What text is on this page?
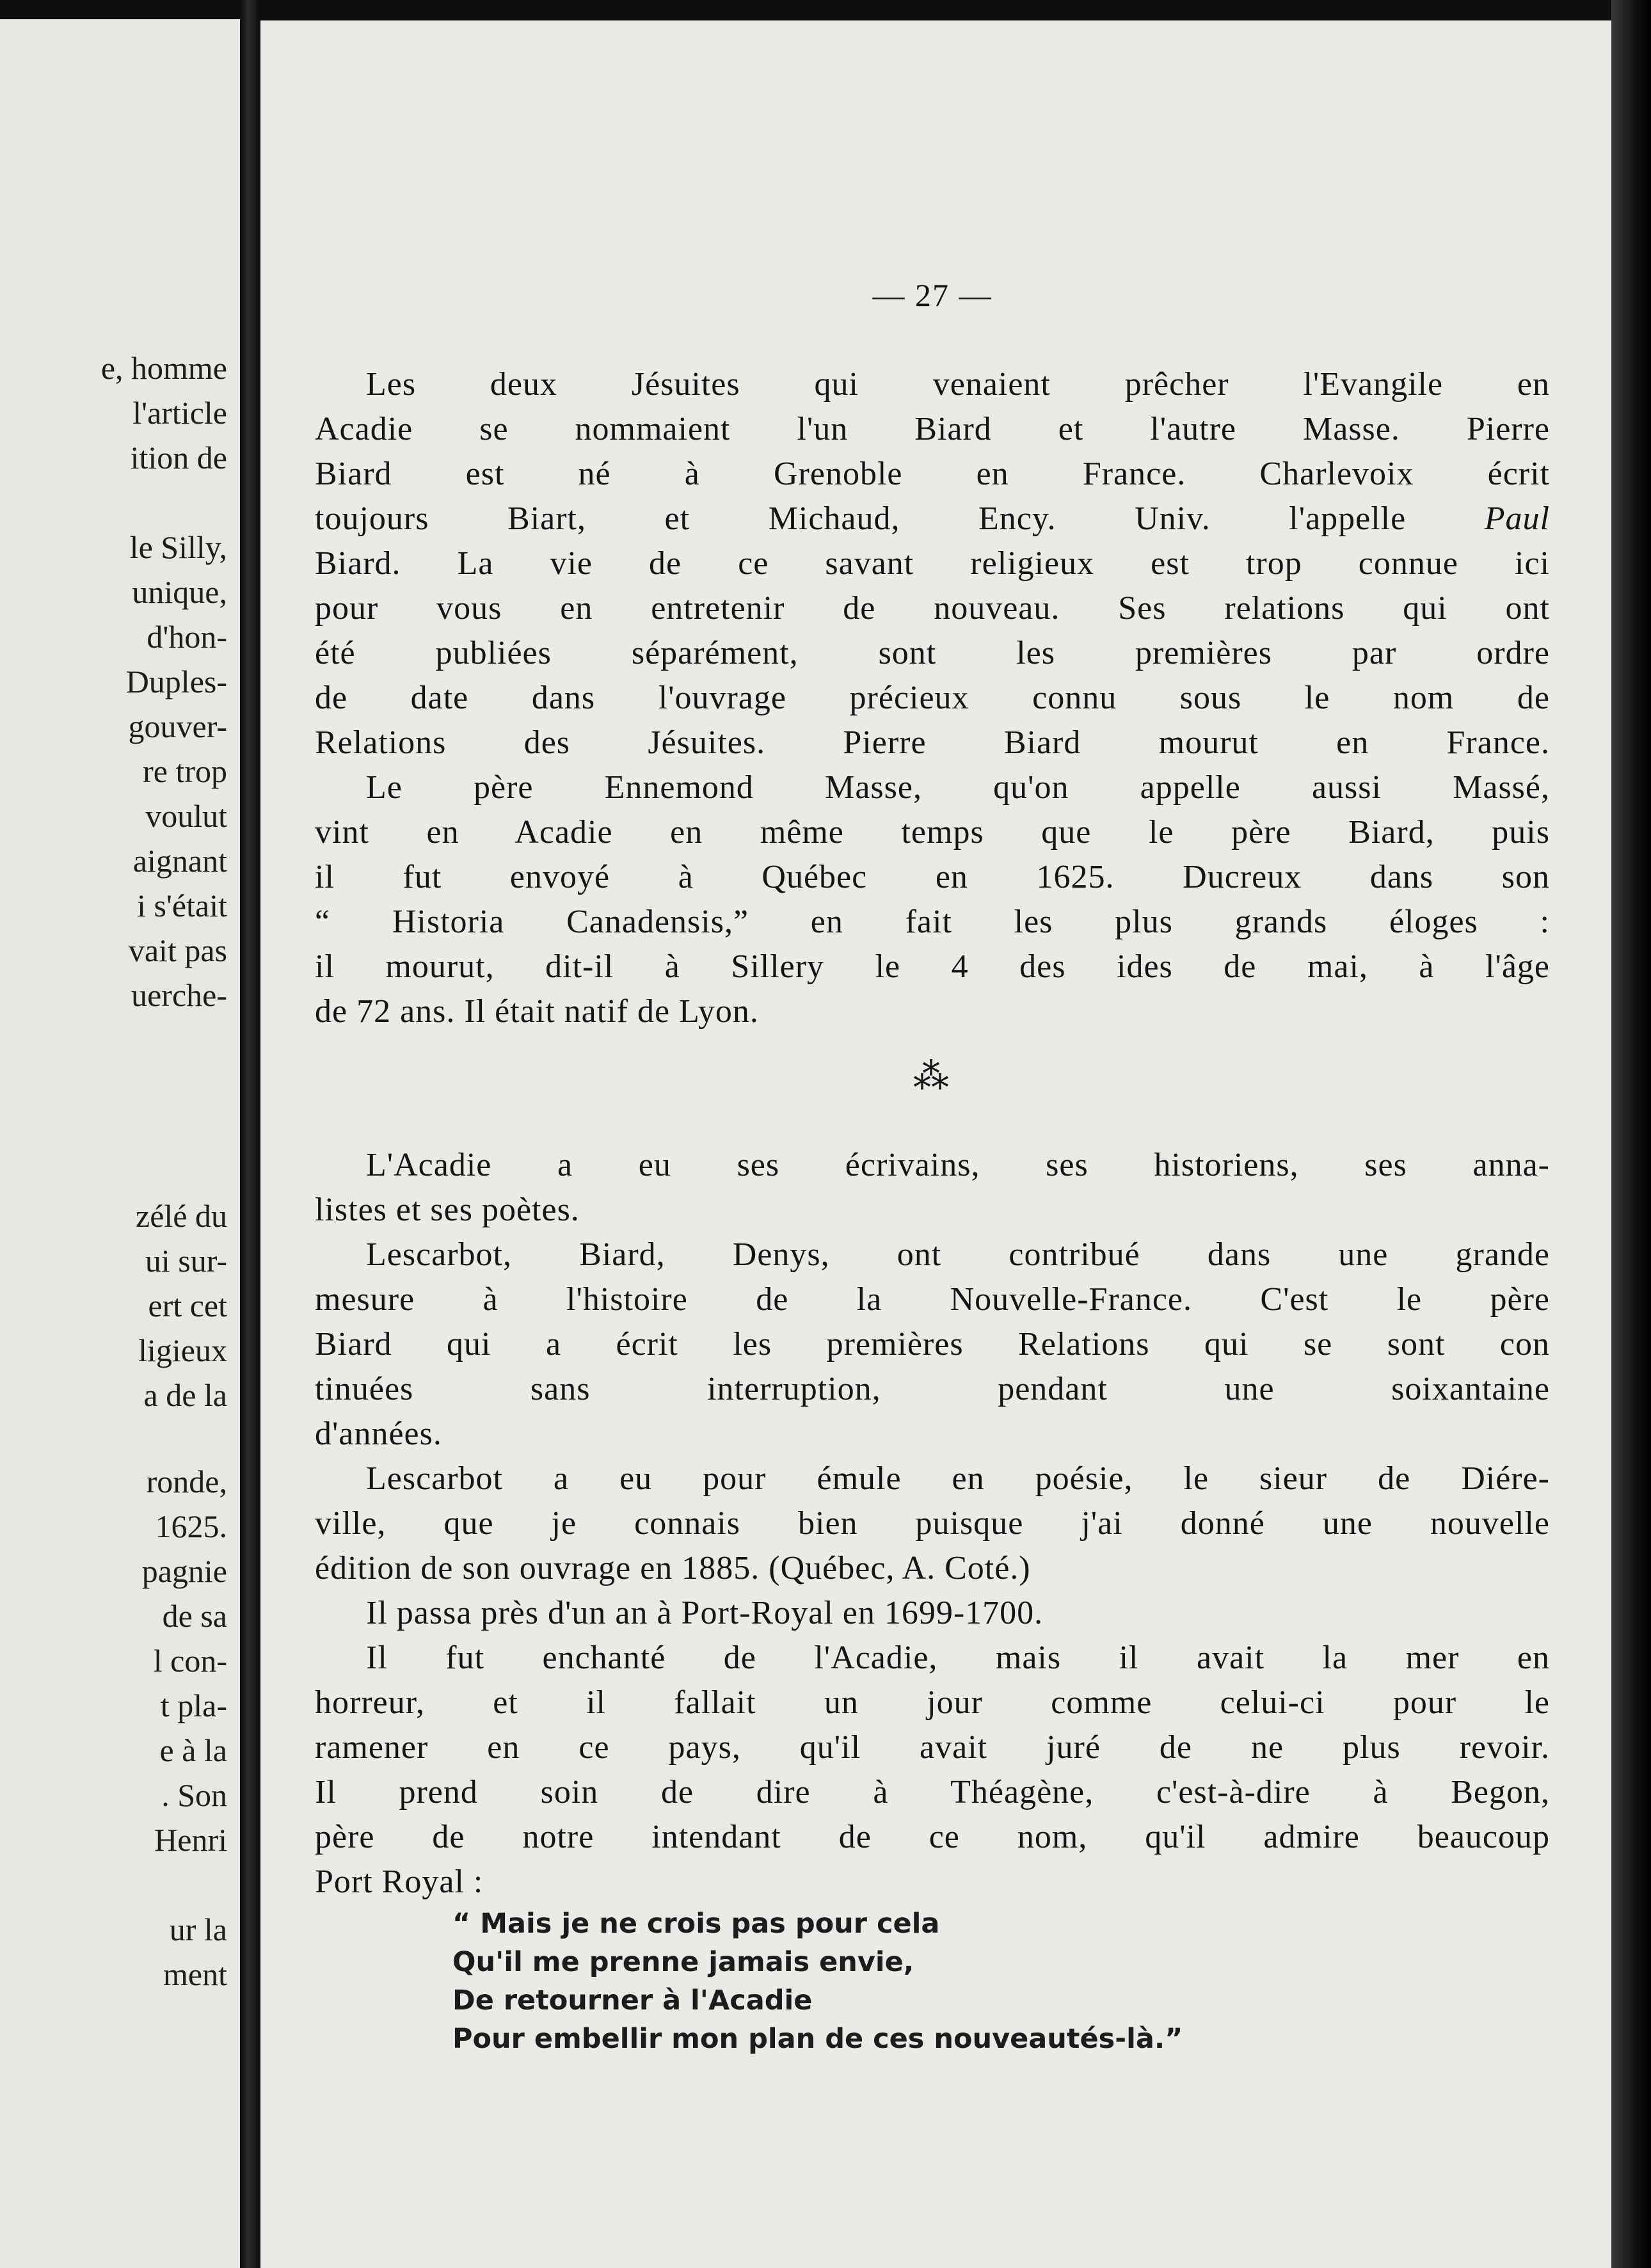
e, homme
l'article
ition de
le Silly,
unique,
d'hon-
Duples-
gouver-
re trop
voulut
aignant
i s'était
vait pas
uerche-
zélé du
ui sur-
ert cet
ligieux
a de la
ronde,
1625.
pagnie
de sa
l con-
t pla-
e à la
. Son
Henri
ur la
ment
— 27 —
Les deux Jésuites qui venaient prêcher l'Evangile en
Acadie se nommaient l'un Biard et l'autre Masse. Pierre
Biard est né à Grenoble en France. Charlevoix écrit
toujours Biart, et Michaud, Ency. Univ. l'appelle Paul
Biard. La vie de ce savant religieux est trop connue ici
pour vous en entretenir de nouveau. Ses relations qui ont
été publiées séparément, sont les premières par ordre
de date dans l'ouvrage précieux connu sous le nom de
Relations des Jésuites. Pierre Biard mourut en France.
Le père Ennemond Masse, qu'on appelle aussi Massé,
vint en Acadie en même temps que le père Biard, puis
il fut envoyé à Québec en 1625. Ducreux dans son
“ Historia Canadensis,” en fait les plus grands éloges :
il mourut, dit-il à Sillery le 4 des ides de mai, à l'âge
de 72 ans. Il était natif de Lyon.
⁂
L'Acadie a eu ses écrivains, ses historiens, ses anna-
listes et ses poètes.
Lescarbot, Biard, Denys, ont contribué dans une grande
mesure à l'histoire de la Nouvelle-France. C'est le père
Biard qui a écrit les premières Relations qui se sont con
tinuées sans interruption, pendant une soixantaine
d'années.
Lescarbot a eu pour émule en poésie, le sieur de Diére-
ville, que je connais bien puisque j'ai donné une nouvelle
édition de son ouvrage en 1885. (Québec, A. Coté.)
Il passa près d'un an à Port-Royal en 1699-1700.
Il fut enchanté de l'Acadie, mais il avait la mer en
horreur, et il fallait un jour comme celui-ci pour le
ramener en ce pays, qu'il avait juré de ne plus revoir.
Il prend soin de dire à Théagène, c'est-à-dire à Begon,
père de notre intendant de ce nom, qu'il admire beaucoup
Port Royal :
“ Mais je ne crois pas pour cela
Qu'il me prenne jamais envie,
De retourner à l'Acadie
Pour embellir mon plan de ces nouveautés-là.”
